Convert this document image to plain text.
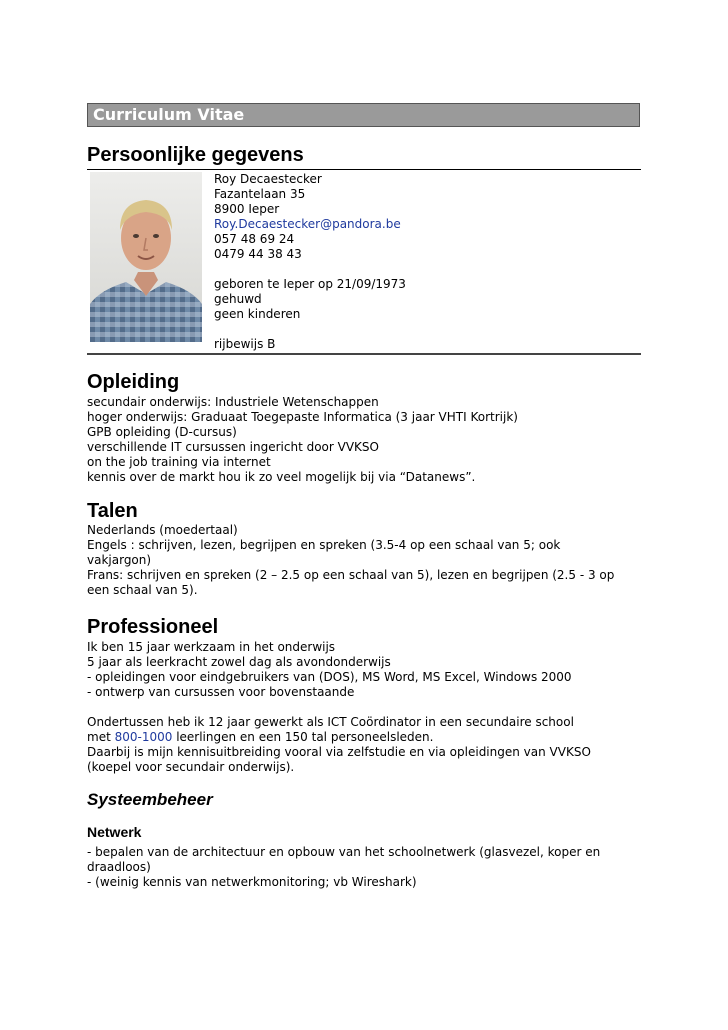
Curriculum Vitae
Persoonlijke gegevens
Roy Decaestecker
Fazantelaan 35
8900 Ieper
Roy.Decaestecker@pandora.be
057 48 69 24
0479 44 38 43
geboren te Ieper op 21/09/1973
gehuwd
geen kinderen
rijbewijs B
Opleiding
secundair onderwijs: Industriele Wetenschappen
hoger onderwijs: Graduaat Toegepaste Informatica (3 jaar VHTI Kortrijk)
GPB opleiding (D-cursus)
verschillende IT cursussen ingericht door VVKSO
on the job training via internet
kennis over de markt hou ik zo veel mogelijk bij via “Datanews”.
Talen
Nederlands (moedertaal)
Engels : schrijven, lezen, begrijpen en spreken (3.5-4 op een schaal van 5; ook
vakjargon)
Frans: schrijven en spreken (2 – 2.5 op een schaal van 5), lezen en begrijpen (2.5 - 3 op
een schaal van 5).
Professioneel
Ik ben 15 jaar werkzaam in het onderwijs
5 jaar als leerkracht zowel dag als avondonderwijs
- opleidingen voor eindgebruikers van (DOS), MS Word, MS Excel, Windows 2000
- ontwerp van cursussen voor bovenstaande
Ondertussen heb ik 12 jaar gewerkt als ICT Coördinator in een secundaire school
met 800-1000 leerlingen en een 150 tal personeelsleden.
Daarbij is mijn kennisuitbreiding vooral via zelfstudie en via opleidingen van VVKSO
(koepel voor secundair onderwijs).
Systeembeheer
Netwerk
- bepalen van de architectuur en opbouw van het schoolnetwerk (glasvezel, koper en
draadloos)
- (weinig kennis van netwerkmonitoring; vb Wireshark)
